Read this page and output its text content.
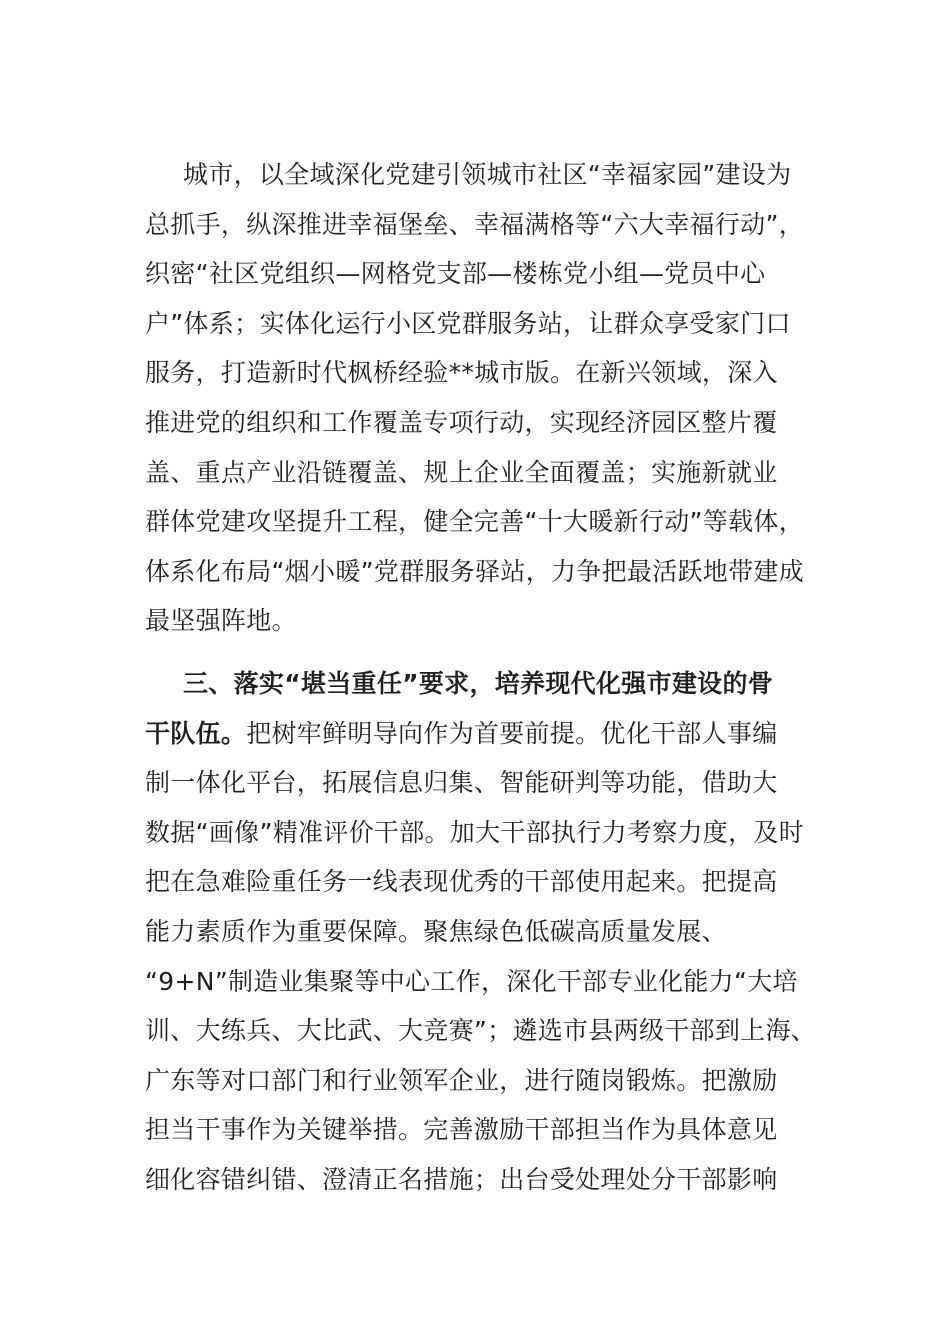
城市，以全域深化党建引领城市社区“幸福家园”建设为
总抓手，纵深推进幸福堡垒、幸福满格等“六大幸福行动”，
织密“社区党组织—网格党支部—楼栋党小组—党员中心
户”体系；实体化运行小区党群服务站，让群众享受家门口
服务，打造新时代枫桥经验**城市版。在新兴领域，深入
推进党的组织和工作覆盖专项行动，实现经济园区整片覆
盖、重点产业沿链覆盖、规上企业全面覆盖；实施新就业
群体党建攻坚提升工程，健全完善“十大暖新行动”等载体，
体系化布局“烟小暖”党群服务驿站，力争把最活跃地带建成
最坚强阵地。
三、落实“堪当重任”要求，培养现代化强市建设的骨
干队伍。把树牢鲜明导向作为首要前提。优化干部人事编
制一体化平台，拓展信息归集、智能研判等功能，借助大
数据“画像”精准评价干部。加大干部执行力考察力度，及时
把在急难险重任务一线表现优秀的干部使用起来。把提高
能力素质作为重要保障。聚焦绿色低碳高质量发展、
“9+N”制造业集聚等中心工作，深化干部专业化能力“大培
训、大练兵、大比武、大竞赛”；遴选市县两级干部到上海、
广东等对口部门和行业领军企业，进行随岗锻炼。把激励
担当干事作为关键举措。完善激励干部担当作为具体意见
细化容错纠错、澄清正名措施；出台受处理处分干部影响
